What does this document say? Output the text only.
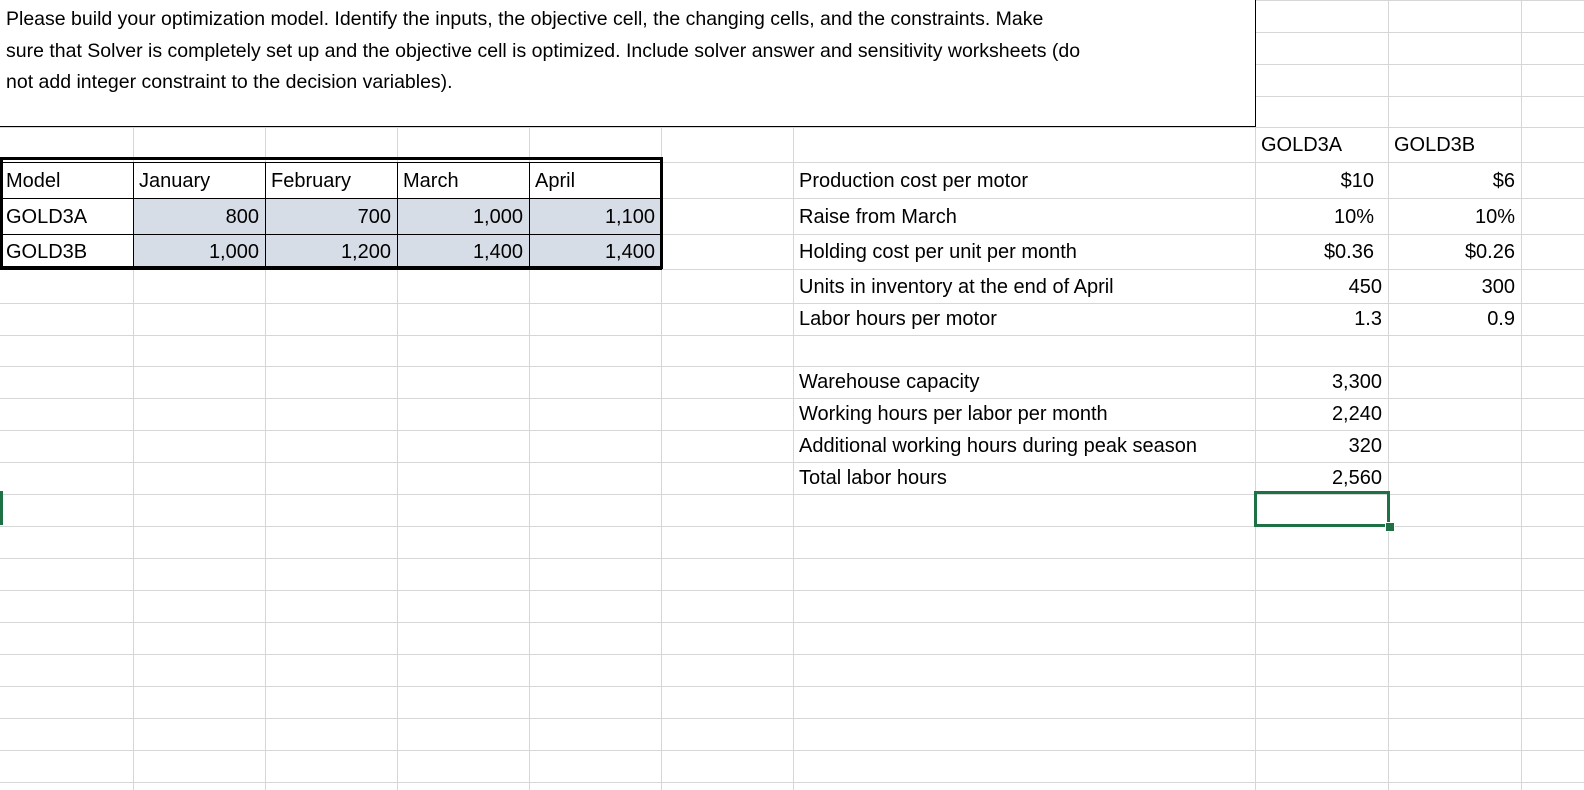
Please build your optimization model. Identify the inputs, the objective cell, the changing cells, and the constraints. Make
sure that Solver is completely set up and the objective cell is optimized. Include solver answer and sensitivity worksheets (do
not add integer constraint to the decision variables).
Model	January	February	March	April
GOLD3A	800	700	1,000	1,100
GOLD3B	1,000	1,200	1,400	1,400
GOLD3A	GOLD3B
Production cost per motor	$10	$6
Raise from March	10%	10%
Holding cost per unit per month	$0.36	$0.26
Units in inventory at the end of April	450	300
Labor hours per motor	1.3	0.9
Warehouse capacity	3,300
Working hours per labor per month	2,240
Additional working hours during peak season	320
Total labor hours	2,560
